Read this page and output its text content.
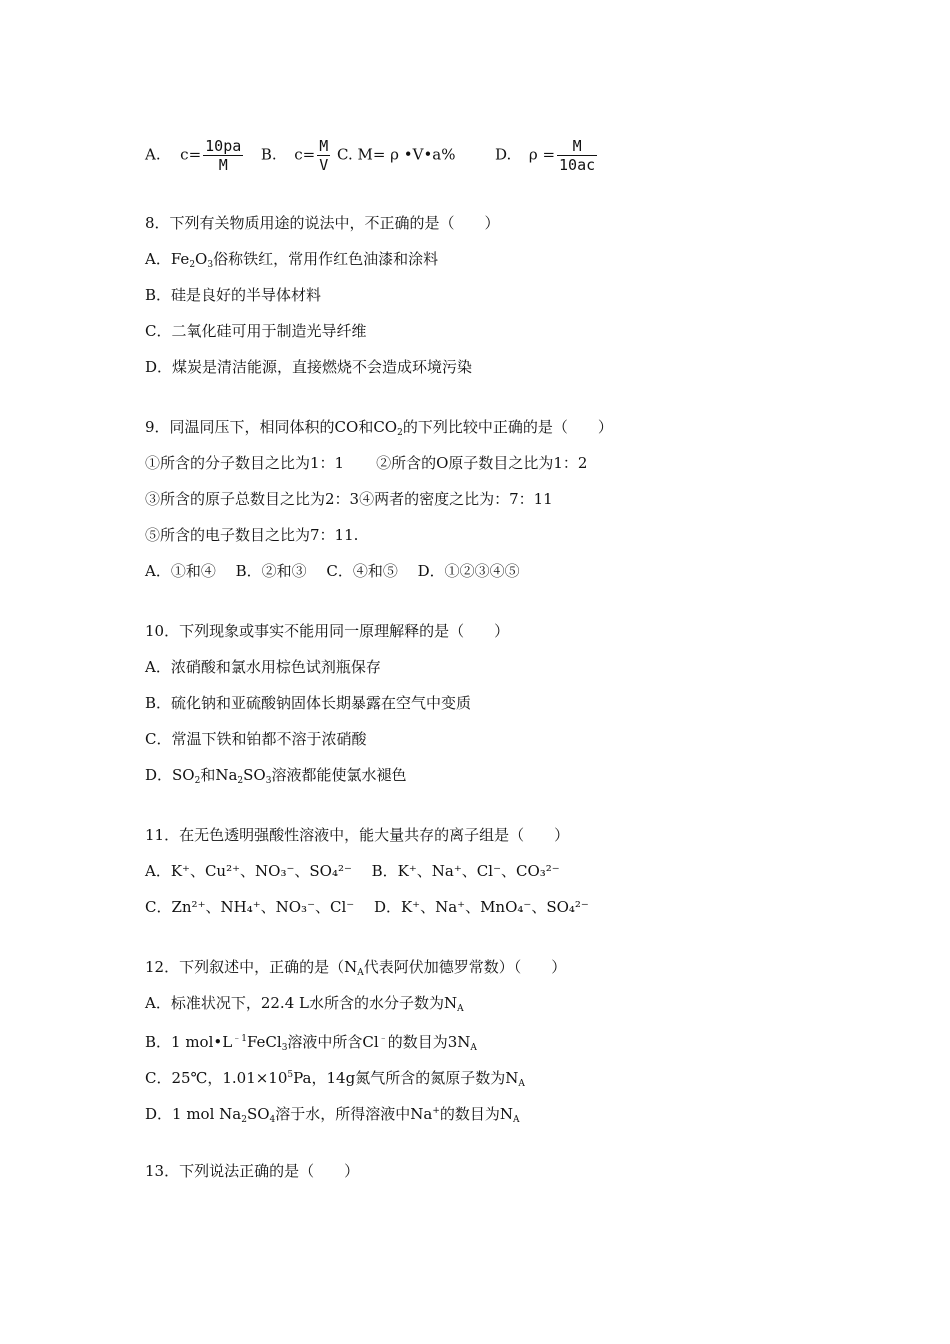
A. $c= \frac{10pa}{M} B$. $c= \frac{M}{V} C$. M= ρ •V•a%	D. $\rho = \frac{M}{10ac}$
8．下列有关物质用途的说法中，不正确的是（　　）
A．$Fe_2O_3$俗称铁红，常用作红色油漆和涂料
B．硅是良好的半导体材料
C．二氧化硅可用于制造光导纤维
D．煤炭是清洁能源，直接燃烧不会造成环境污染
9．同温同压下，相同体积的CO和$CO_2$的下列比较中正确的是（　　）
①所含的分子数目之比为1：1 ②所含的O原子数目之比为1：2
③所含的原子总数目之比为2：3④两者的密度之比为：7：11
⑤所含的电子数目之比为7：11.
A．①和④　 B．②和③　 C．④和⑤　 D．①②③④⑤
10．下列现象或事实不能用同一原理解释的是（　　）
A．浓硝酸和氯水用棕色试剂瓶保存
B．硫化钠和亚硫酸钠固体长期暴露在空气中变质
C．常温下铁和铂都不溶于浓硝酸
D．$SO_2$和$Na_2SO_3$溶液都能使氯水褪色
11．在无色透明强酸性溶液中，能大量共存的离子组是（　　）
A．K⁺、Cu²⁺、NO₃⁻、SO₄²⁻　 B．K⁺、Na⁺、Cl⁻、CO₃²⁻
C．Zn²⁺、NH₄⁺、NO₃⁻、Cl⁻　 D．K⁺、Na⁺、MnO₄⁻、SO₄²⁻
12．下列叙述中，正确的是（$N_A$代表阿伏加德罗常数）（　　）
A．标准状况下，22.4 L水所含的水分子数为$N_A$
B．1 $mol•L^{﹣1}FeCl_3$溶液中所含Cl﹣的数目为$3N_A$
C．25℃，$1.01\times 10^5Pa$，14g氮气所含的氮原子数为$N_A$
D．1 mol $Na_2SO_4$溶于水，所得溶液中Na+的数目为$N_A$
13．下列说法正确的是（　　）
